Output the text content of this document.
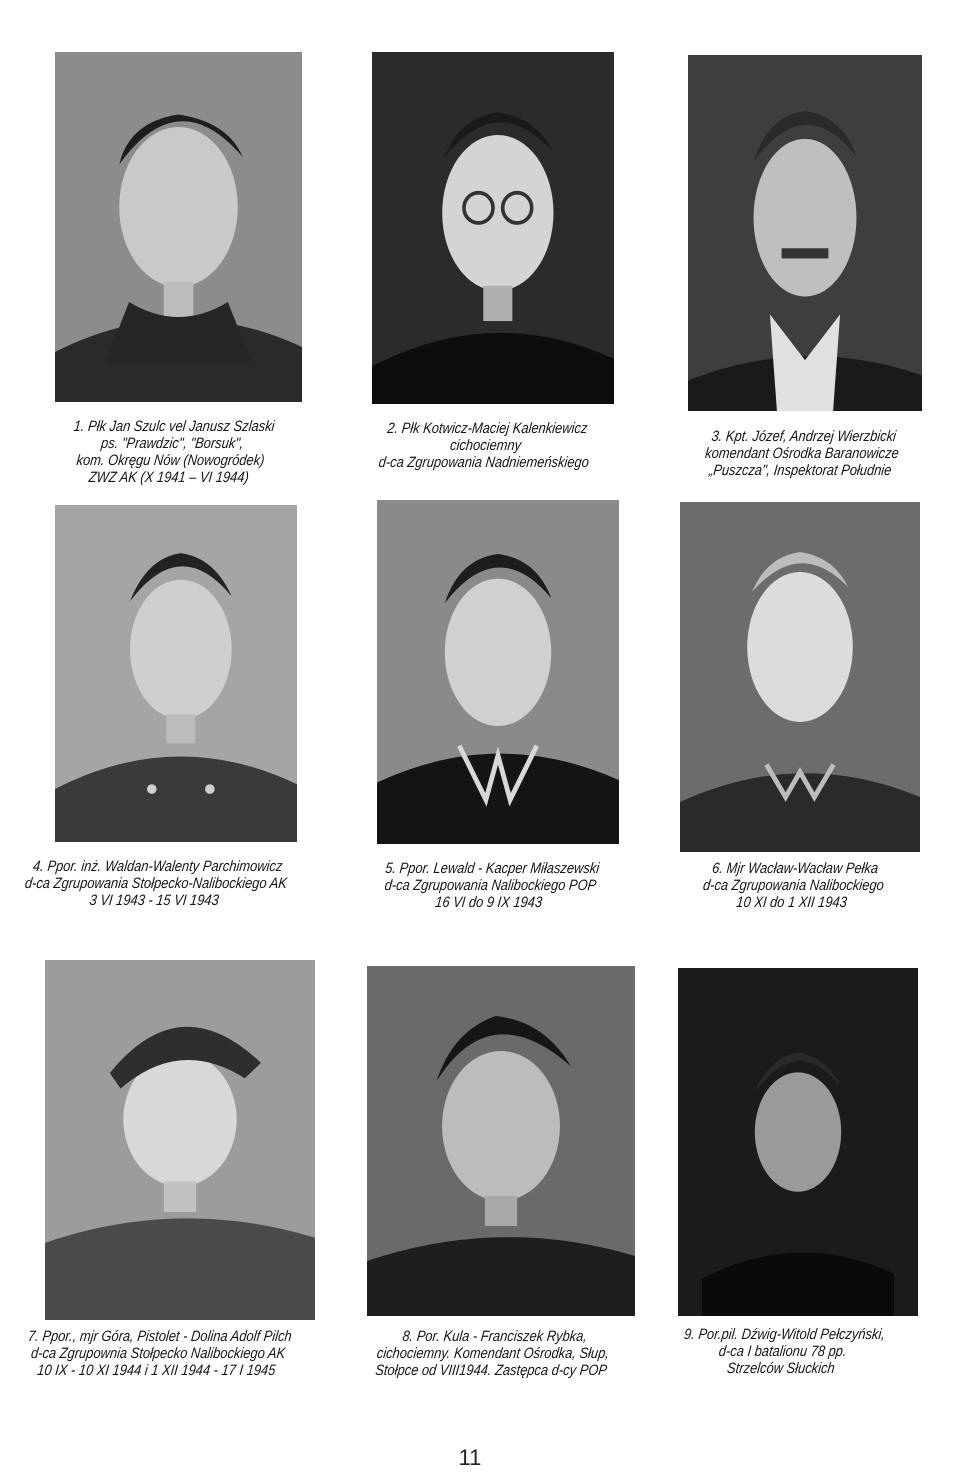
1. Płk Jan Szulc vel Janusz Szlaski
ps. "Prawdzic", "Borsuk",
kom. Okręgu Nów (Nowogródek)
ZWZ AK (X 1941 – VI 1944)
2. Płk Kotwicz-Maciej Kalenkiewicz
cichociemny
d-ca Zgrupowania Nadniemeńskiego
3. Kpt. Józef, Andrzej Wierzbicki
komendant Ośrodka Baranowicze
„Puszcza", Inspektorat Południe
4. Ppor. inż. Waldan-Walenty Parchimowicz
d-ca Zgrupowania Stołpecko-Nalibockiego AK
3 VI 1943 - 15 VI 1943
5. Ppor. Lewald - Kacper Miłaszewski
d-ca Zgrupowania Nalibockiego POP
16 VI do 9 IX 1943
6. Mjr Wacław-Wacław Pełka
d-ca Zgrupowania Nalibockiego
10 XI do 1 XII 1943
7. Ppor., mjr Góra, Pistolet - Dolina Adolf Pilch
d-ca Zgrupownia Stołpecko Nalibockiego AK
10 IX - 10 XI 1944 i 1 XII 1944 - 17 I 1945
8. Por. Kula - Franciszek Rybka,
cichociemny. Komendant Ośrodka, Słup,
Stołpce od VIII1944. Zastępca d-cy POP
9. Por.pil. Dźwig-Witold Pełczyński,
d-ca I batalionu 78 pp.
Strzelców Słuckich
11
